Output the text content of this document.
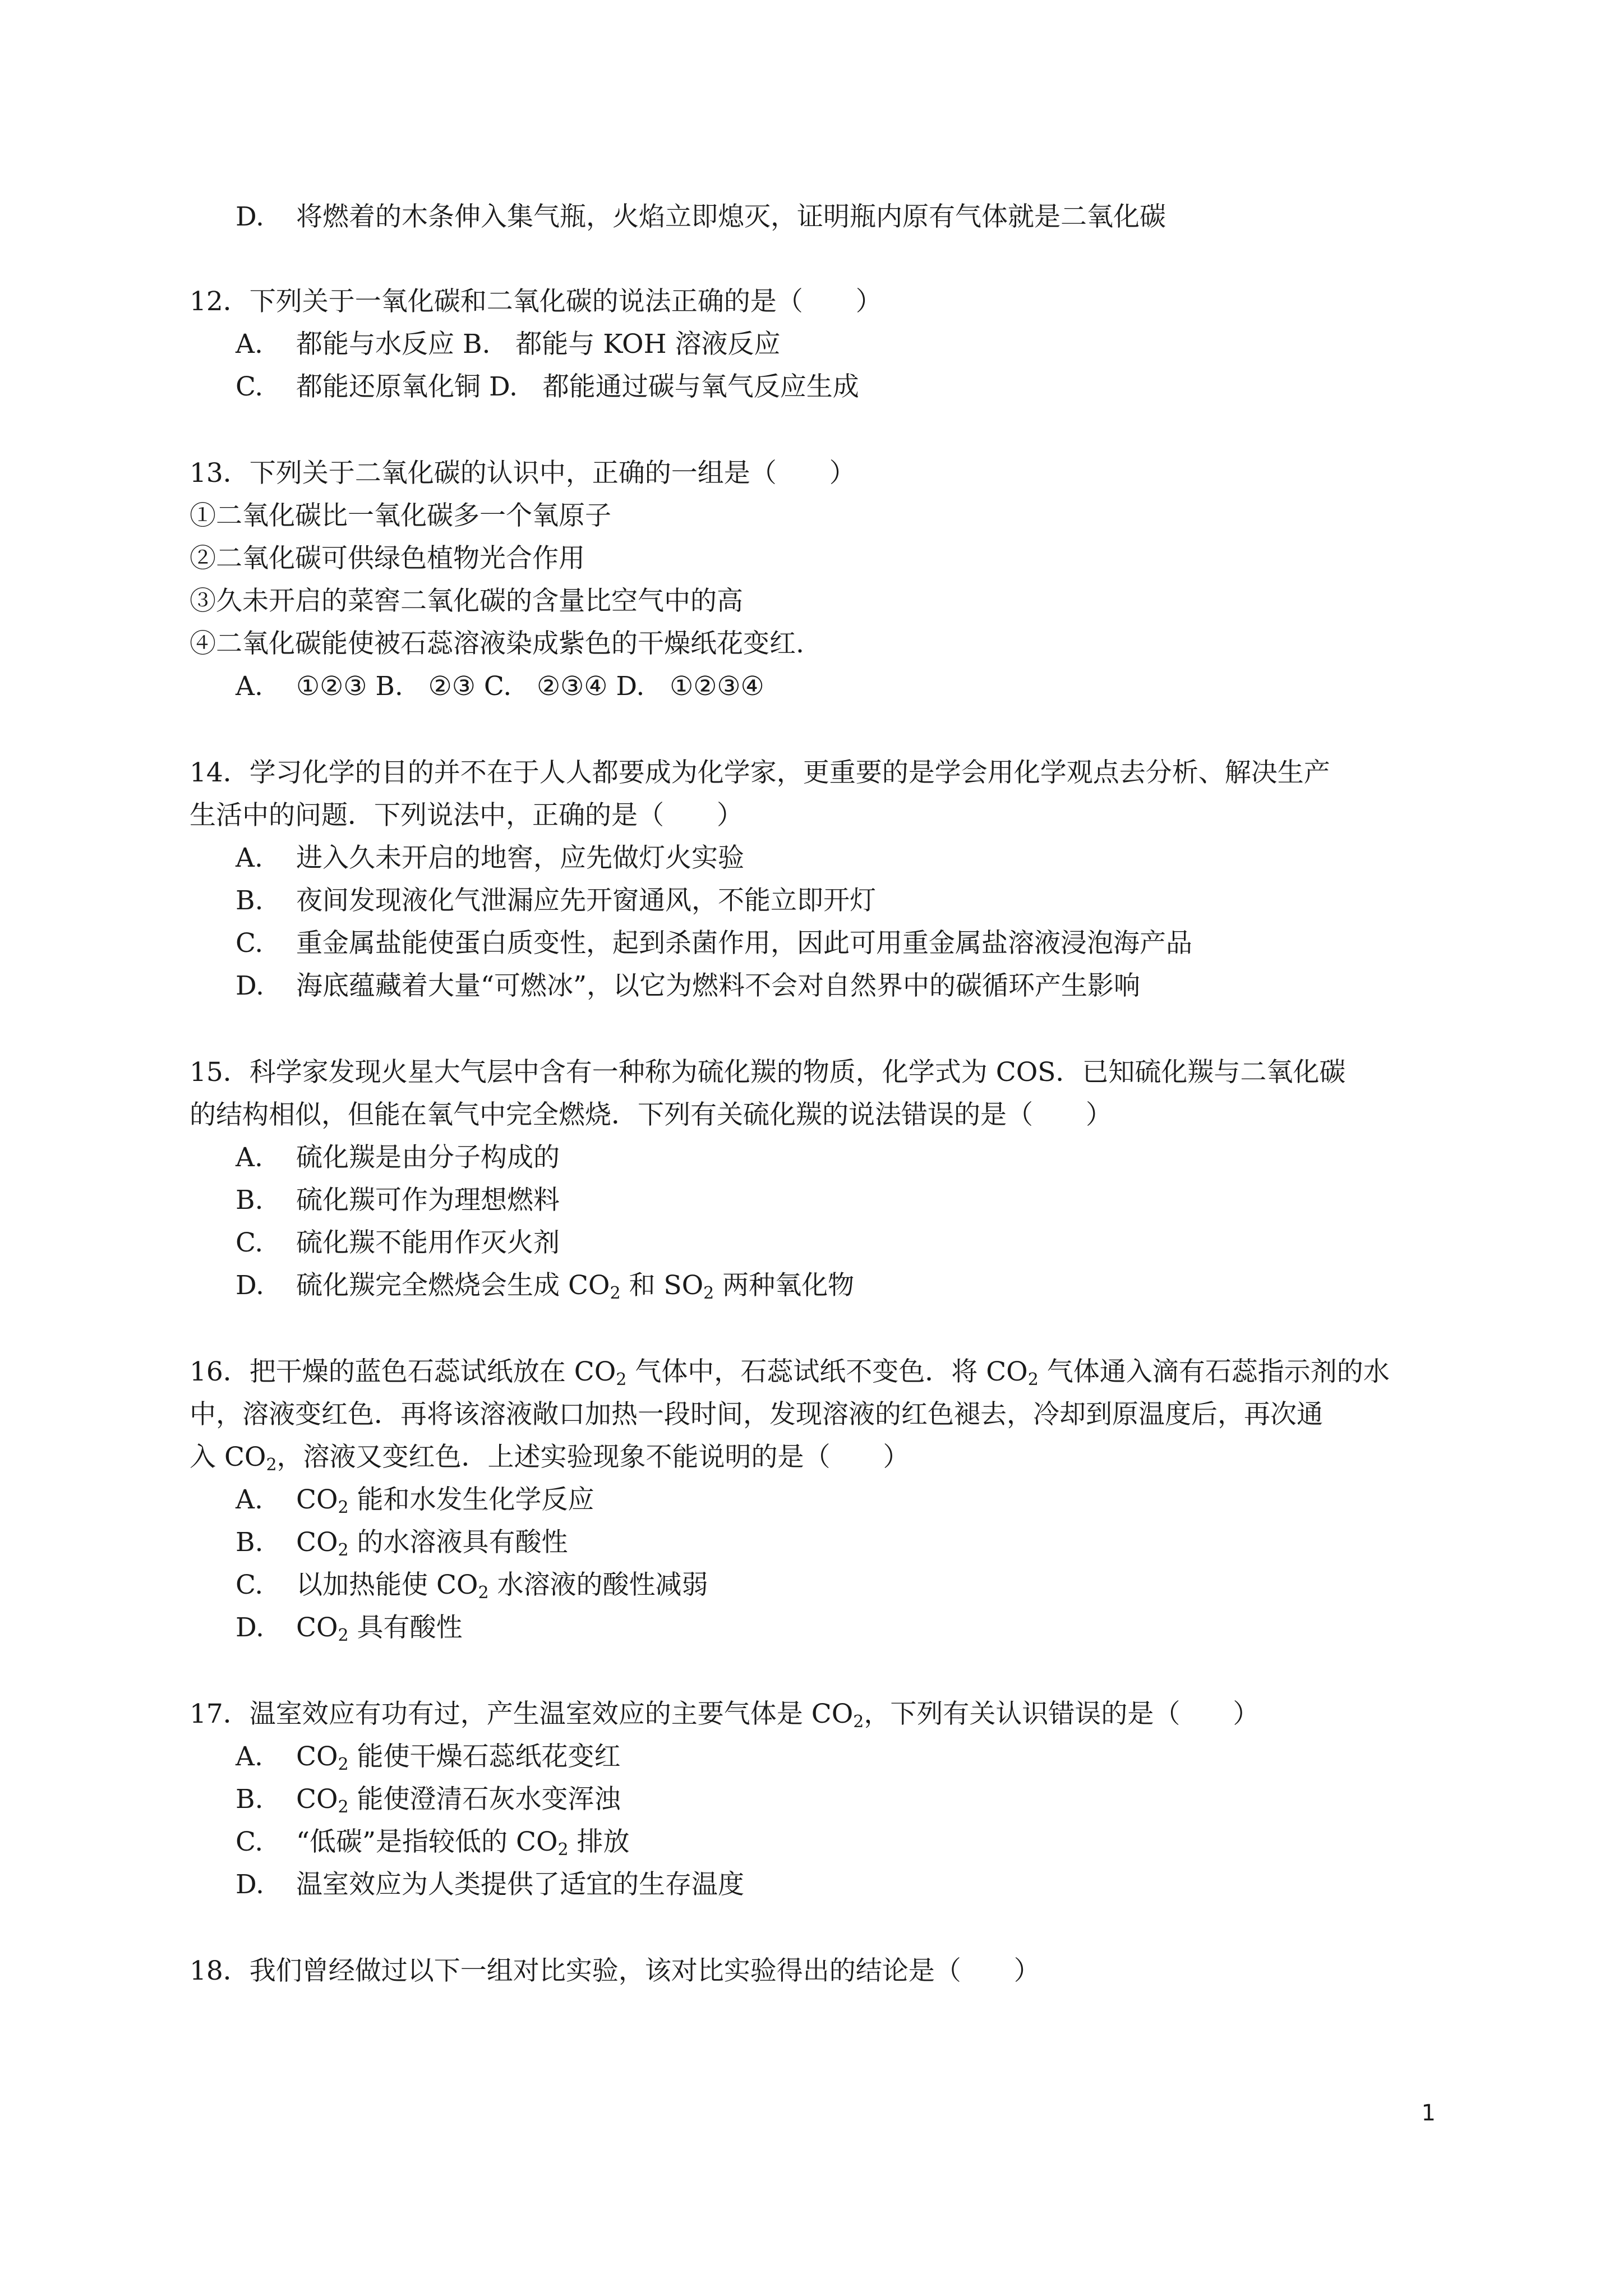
D. 将燃着的木条伸入集气瓶，火焰立即熄灭，证明瓶内原有气体就是二氧化碳
12．下列关于一氧化碳和二氧化碳的说法正确的是（　　）
A. 都能与水反应 B. 都能与 KOH 溶液反应
C. 都能还原氧化铜 D. 都能通过碳与氧气反应生成
13．下列关于二氧化碳的认识中，正确的一组是（　　）
①二氧化碳比一氧化碳多一个氧原子
②二氧化碳可供绿色植物光合作用
③久未开启的菜窖二氧化碳的含量比空气中的高
④二氧化碳能使被石蕊溶液染成紫色的干燥纸花变红.
A. ①②③ B. ②③ C. ②③④ D. ①②③④
14．学习化学的目的并不在于人人都要成为化学家，更重要的是学会用化学观点去分析、解决生产
生活中的问题．下列说法中，正确的是（　　）
A. 进入久未开启的地窖，应先做灯火实验
B. 夜间发现液化气泄漏应先开窗通风，不能立即开灯
C. 重金属盐能使蛋白质变性，起到杀菌作用，因此可用重金属盐溶液浸泡海产品
D. 海底蕴藏着大量“可燃冰”，以它为燃料不会对自然界中的碳循环产生影响
15．科学家发现火星大气层中含有一种称为硫化羰的物质，化学式为 COS．已知硫化羰与二氧化碳
的结构相似，但能在氧气中完全燃烧．下列有关硫化羰的说法错误的是（　　）
A. 硫化羰是由分子构成的
B. 硫化羰可作为理想燃料
C. 硫化羰不能用作灭火剂
D. 硫化羰完全燃烧会生成 $CO_2$ 和 $SO_2$ 两种氧化物
16．把干燥的蓝色石蕊试纸放在 $CO_2$ 气体中，石蕊试纸不变色．将 $CO_2$ 气体通入滴有石蕊指示剂的水
中，溶液变红色．再将该溶液敞口加热一段时间，发现溶液的红色褪去，冷却到原温度后，再次通
入 $CO_2$，溶液又变红色．上述实验现象不能说明的是（　　）
A. $CO_2$ 能和水发生化学反应
B. $CO_2$ 的水溶液具有酸性
C. 以加热能使 $CO_2$ 水溶液的酸性减弱
D. $CO_2$ 具有酸性
17．温室效应有功有过，产生温室效应的主要气体是 $CO_2$，下列有关认识错误的是（　　）
A. $CO_2$ 能使干燥石蕊纸花变红
B. $CO_2$ 能使澄清石灰水变浑浊
C. “低碳”是指较低的 $CO_2$ 排放
D. 温室效应为人类提供了适宜的生存温度
18．我们曾经做过以下一组对比实验，该对比实验得出的结论是（　　）
1
